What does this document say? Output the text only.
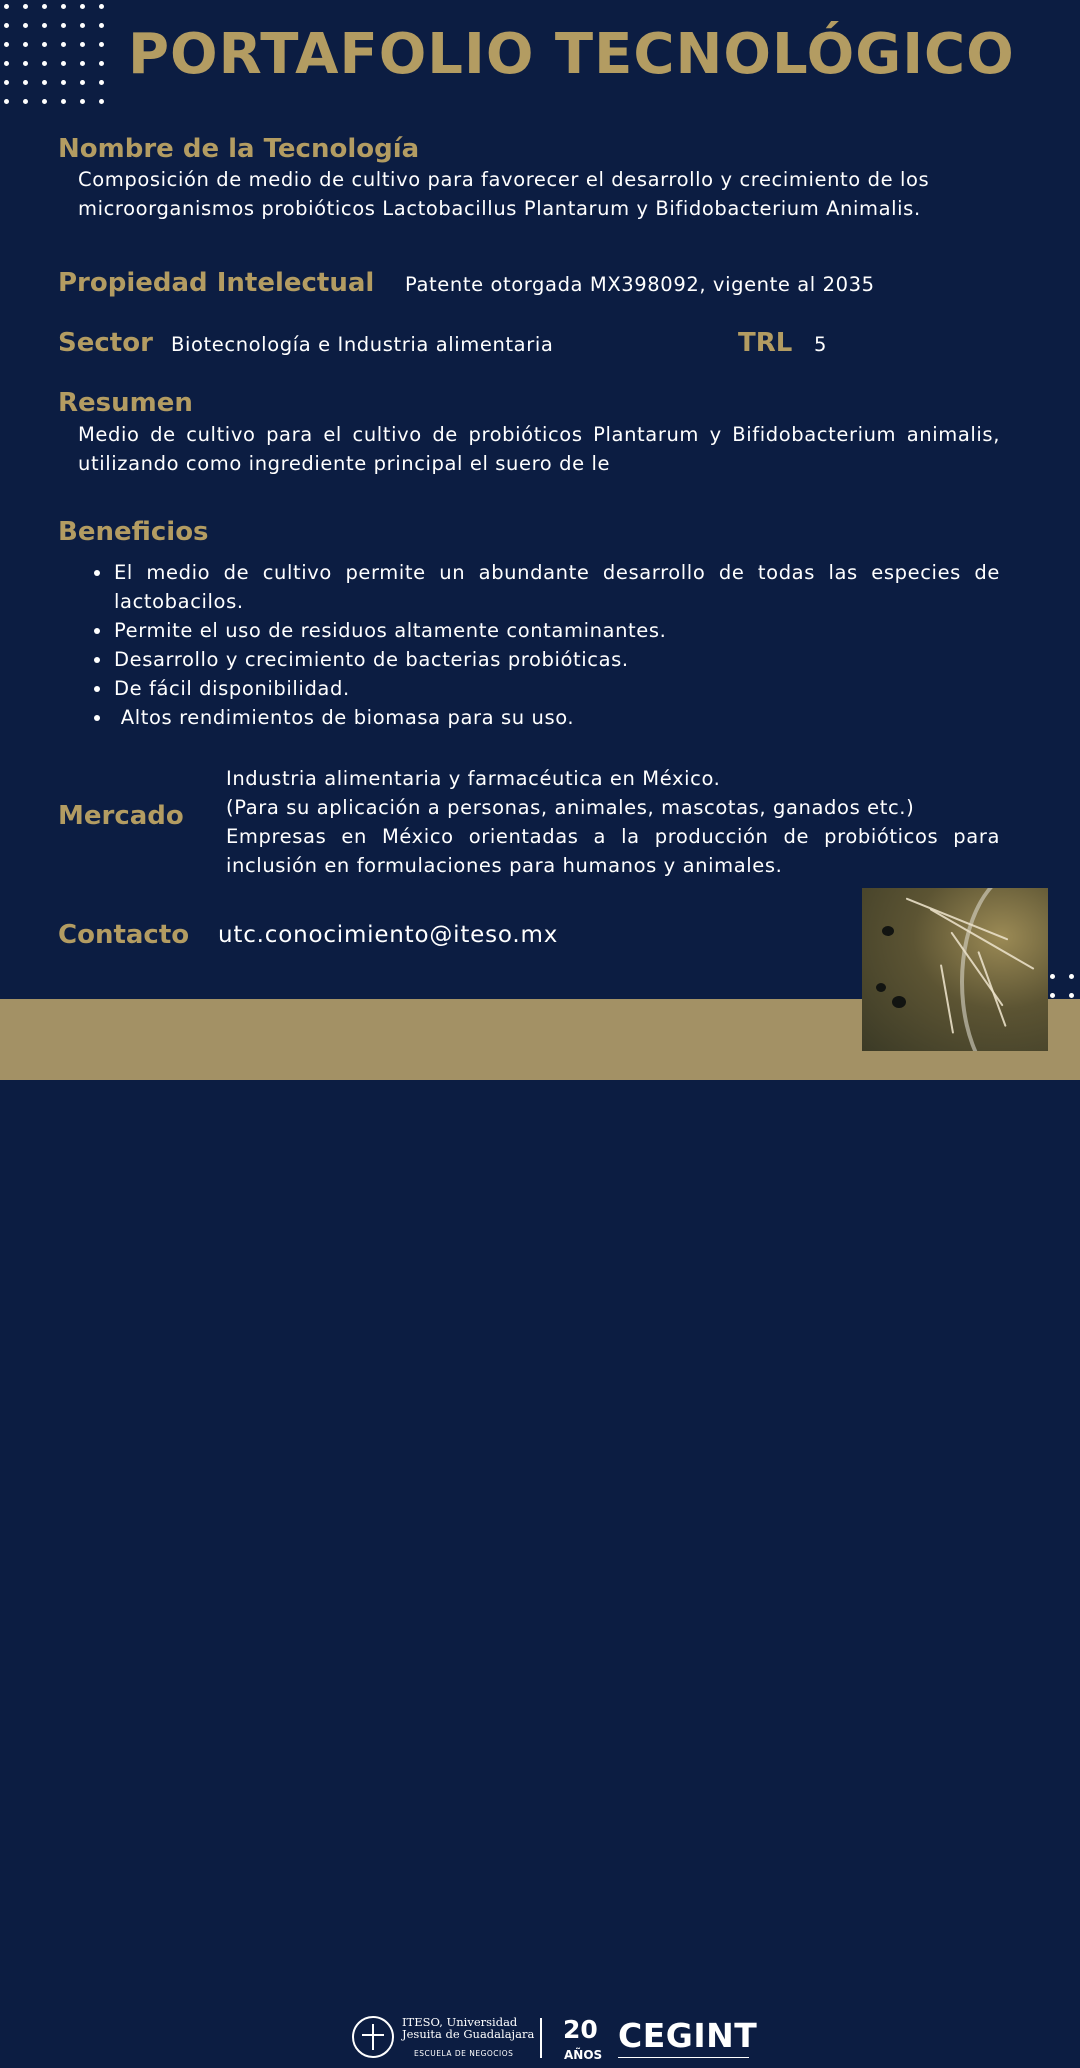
PORTAFOLIO TECNOLÓGICO
Nombre de la Tecnología

Composición de medio de cultivo para favorecer el desarrollo y crecimiento de los microorganismos probióticos Lactobacillus Plantarum y Bifidobacterium Animalis.

Propiedad Intelectual Patente otorgada MX398092, vigente al 2035

Sector Biotecnología e Industria alimentaria	TRL 5

Resumen

Medio de cultivo para el cultivo de probióticos Plantarum y Bifidobacterium animalis, utilizando como ingrediente principal el suero de le

Beneficios
El medio de cultivo permite un abundante desarrollo de todas las especies de lactobacilos.
Permite el uso de residuos altamente contaminantes.
Desarrollo y crecimiento de bacterias probióticas.
De fácil disponibilidad.
Altos rendimientos de biomasa para su uso.
Mercado

Industria alimentaria y farmacéutica en México.

(Para su aplicación a personas, animales, mascotas, ganados etc.)

Empresas en México orientadas a la producción de probióticos para inclusión en formulaciones para humanos y animales.

Contacto utc.conocimiento@iteso.mx

ITESO, Universidad
Jesuita de Guadalajara
ESCUELA DE NEGOCIOS
20
AÑOS CEGINT
